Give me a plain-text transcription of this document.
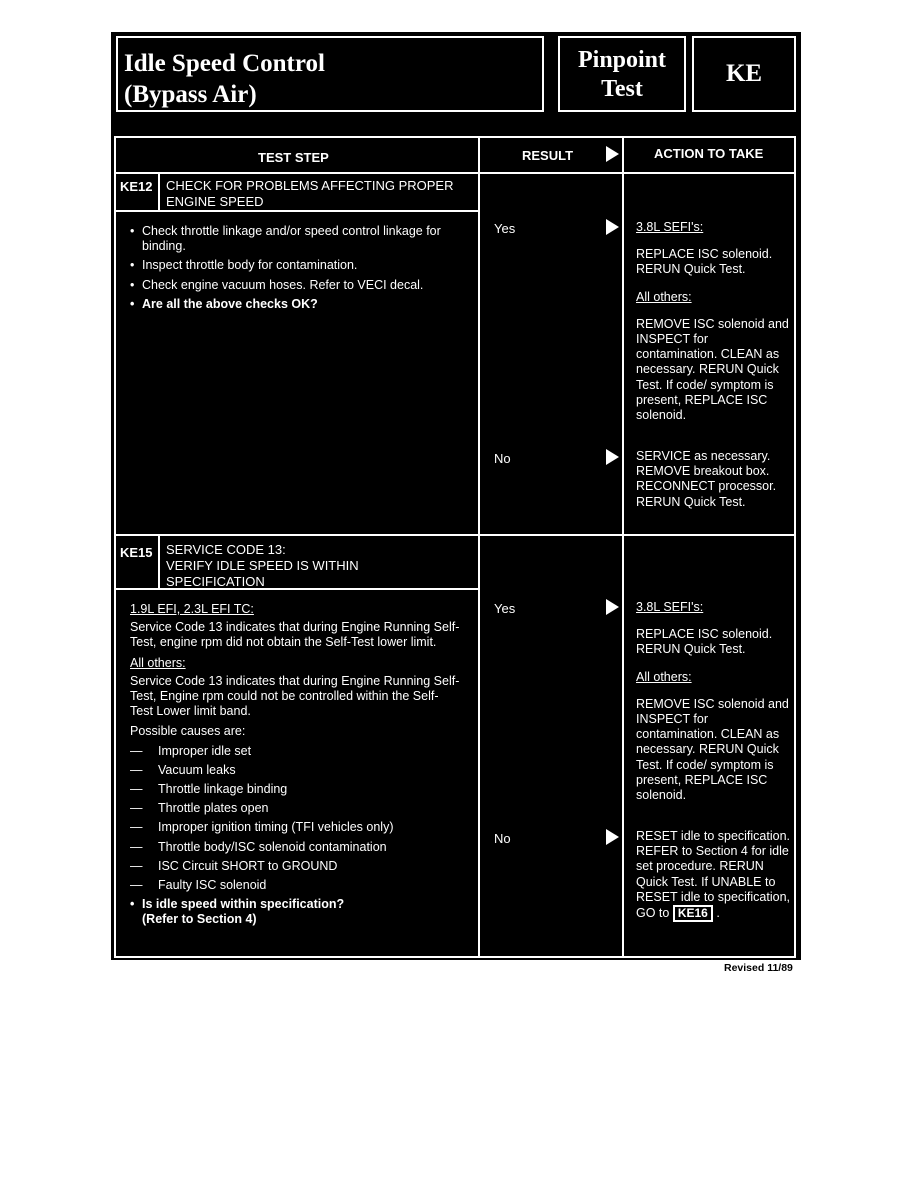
Idle Speed Control
(Bypass Air)
Pinpoint
Test
KE
TEST STEP	RESULT	ACTION TO TAKE
KE12 CHECK FOR PROBLEMS AFFECTING PROPER
ENGINE SPEED
• Check throttle linkage and/or speed control linkage for binding.
• Inspect throttle body for contamination.
• Check engine vacuum hoses. Refer to VECI decal.
• Are all the above checks OK?
Yes	3.8L SEFI's:
REPLACE ISC solenoid. RERUN Quick Test.
All others:
REMOVE ISC solenoid and INSPECT for contamination. CLEAN as necessary. RERUN Quick Test. If code/ symptom is present, REPLACE ISC solenoid.
No	SERVICE as necessary. REMOVE breakout box. RECONNECT processor. RERUN Quick Test.
KE15 SERVICE CODE 13:
VERIFY IDLE SPEED IS WITHIN
SPECIFICATION
1.9L EFI, 2.3L EFI TC:
Service Code 13 indicates that during Engine Running Self-Test, engine rpm did not obtain the Self-Test lower limit.
All others:
Service Code 13 indicates that during Engine Running Self-Test, Engine rpm could not be controlled within the Self-Test Lower limit band.
Possible causes are:
— Improper idle set
— Vacuum leaks
— Throttle linkage binding
— Throttle plates open
— Improper ignition timing (TFI vehicles only)
— Throttle body/ISC solenoid contamination
— ISC Circuit SHORT to GROUND
— Faulty ISC solenoid
• Is idle speed within specification? (Refer to Section 4)
Yes	3.8L SEFI's:
REPLACE ISC solenoid. RERUN Quick Test.
All others:
REMOVE ISC solenoid and INSPECT for contamination. CLEAN as necessary. RERUN Quick Test. If code/ symptom is present, REPLACE ISC solenoid.
No	RESET idle to specification. REFER to Section 4 for idle set procedure. RERUN Quick Test. If UNABLE to RESET idle to specification, GO to KE16 .
Revised 11/89
